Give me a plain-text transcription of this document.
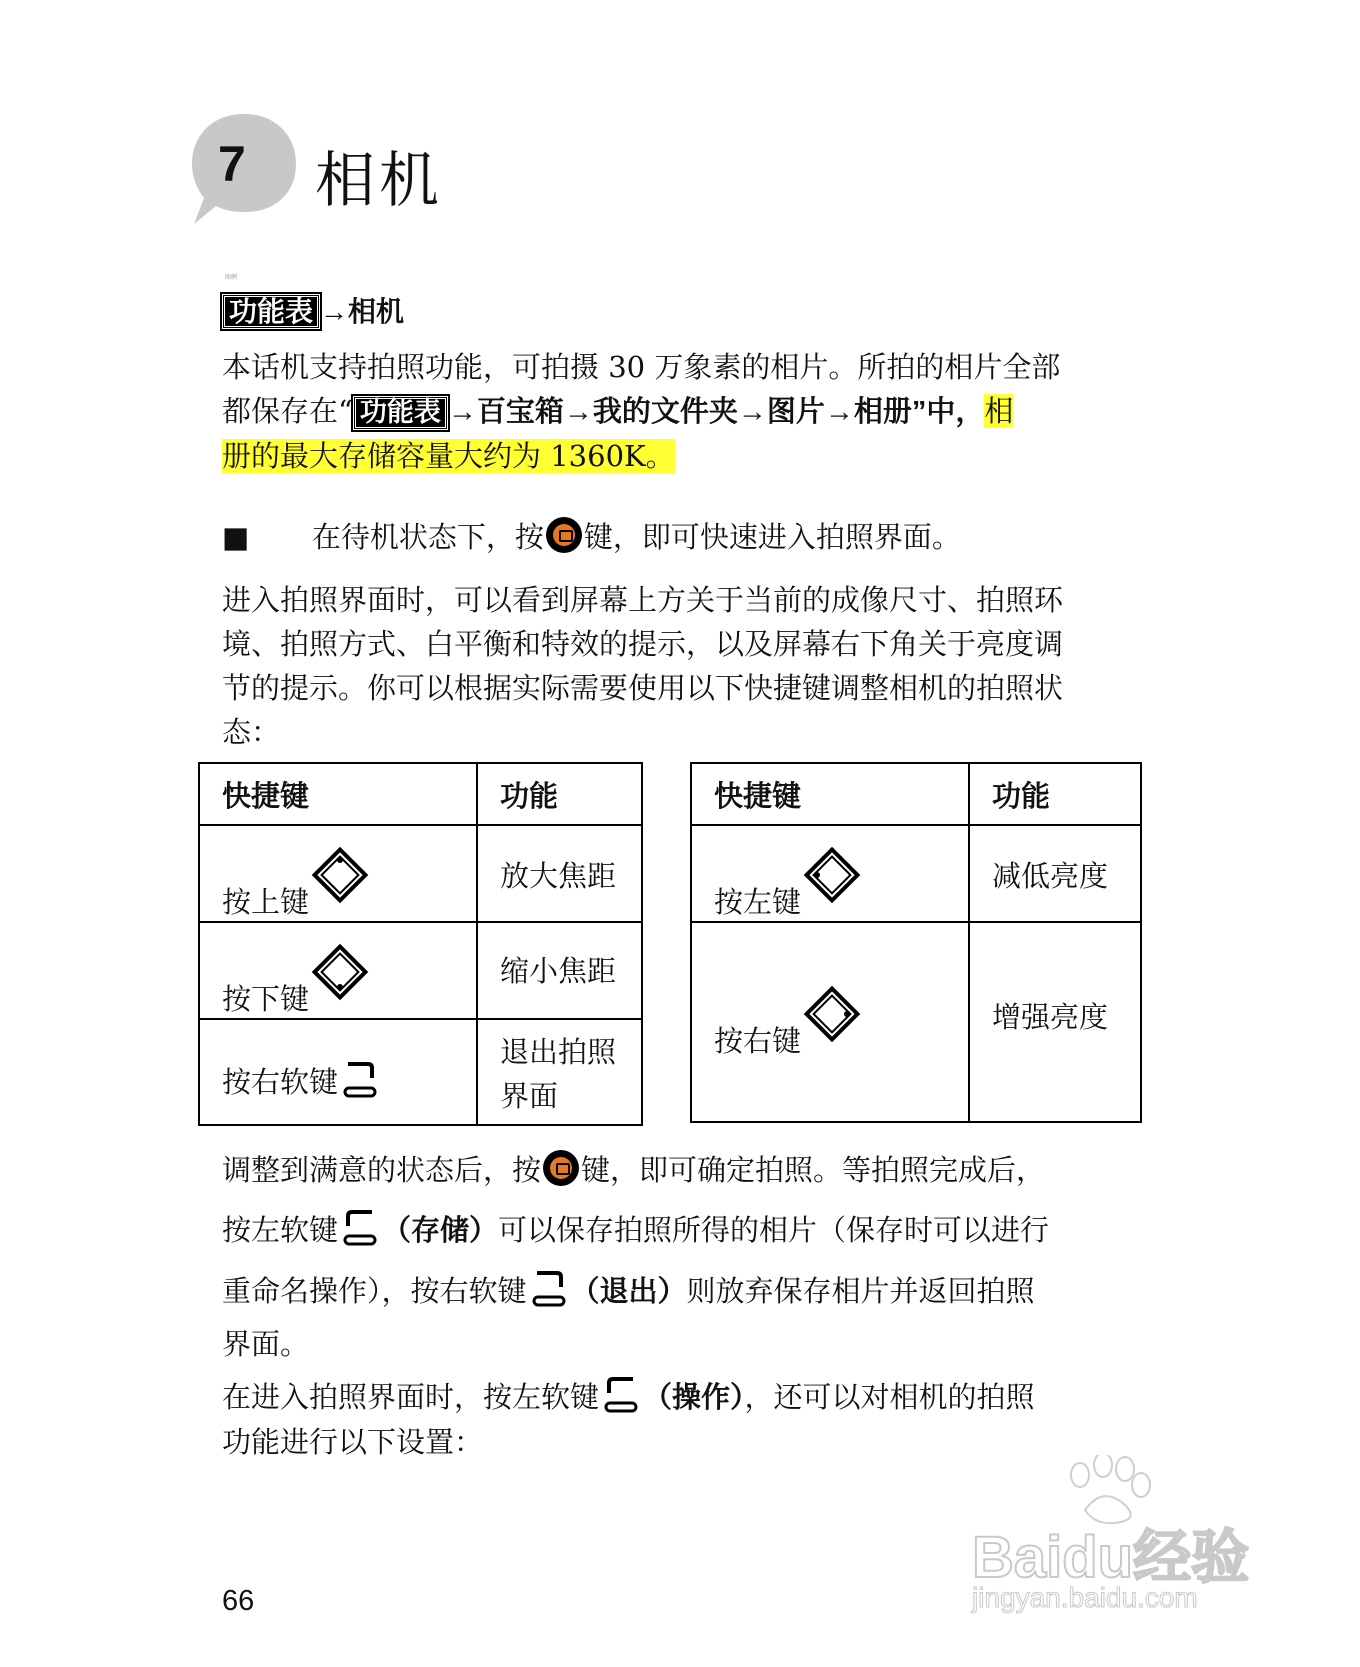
7 相机
图例
功能表 →相机
本话机支持拍照功能，可拍摄 30 万象素的相片。所拍的相片全部
都保存在“ 功能表 →百宝箱→我的文件夹→图片→相册”中，相
册的最大存储容量大约为 1360K。
■ 在待机状态下，按 键，即可快速进入拍照界面。
进入拍照界面时，可以看到屏幕上方关于当前的成像尺寸、拍照环
境、拍照方式、白平衡和特效的提示，以及屏幕右下角关于亮度调
节的提示。你可以根据实际需要使用以下快捷键调整相机的拍照状
态：
快捷键	功能
按上键	放大焦距
按下键	缩小焦距
按右软键	退出拍照
界面
快捷键	功能
按左键	减低亮度
按右键	增强亮度
调整到满意的状态后，按 键，即可确定拍照。等拍照完成后，
按左软键 （存储）可以保存拍照所得的相片（保存时可以进行
重命名操作），按右软键 （退出）则放弃保存相片并返回拍照
界面。
在进入拍照界面时，按左软键 （操作），还可以对相机的拍照
功能进行以下设置：
66
Baidu经验
jingyan.baidu.com
